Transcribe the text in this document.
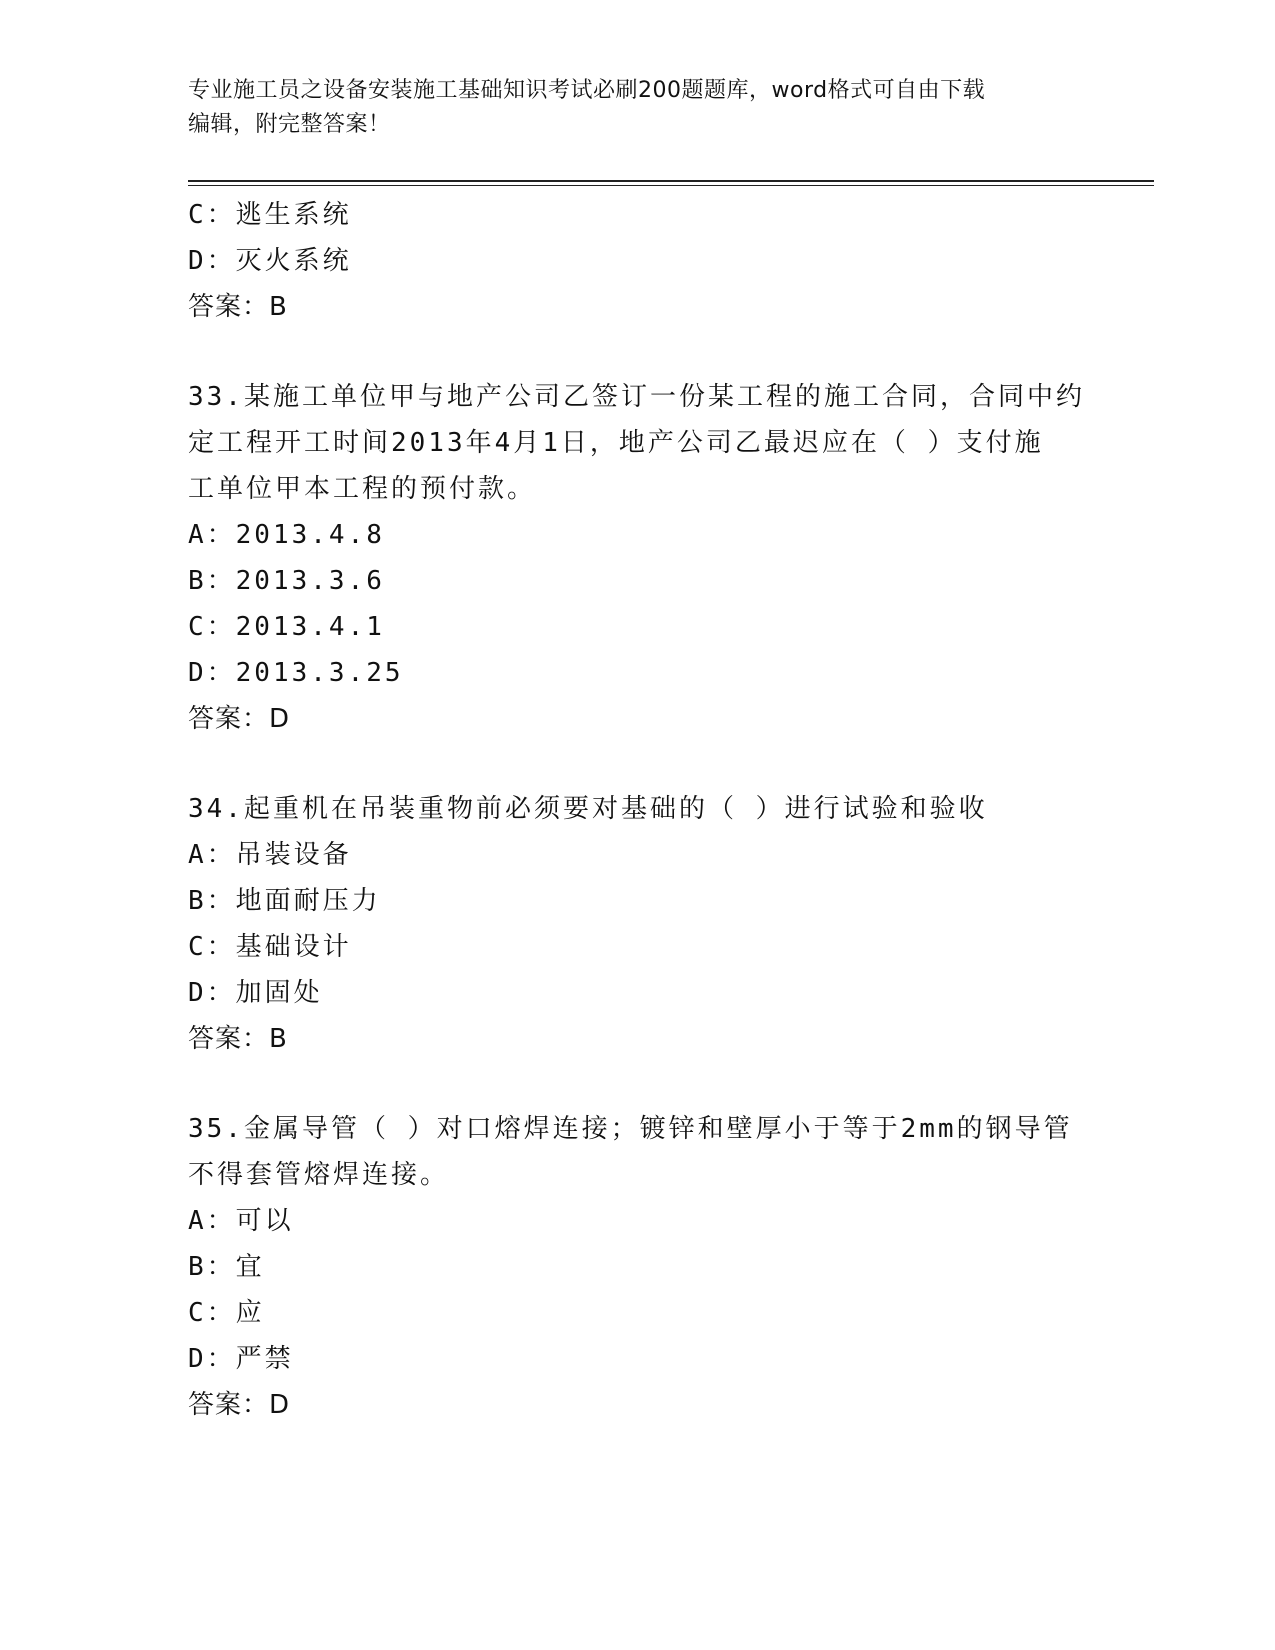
专业施工员之设备安装施工基础知识考试必刷200题题库，word格式可自由下载
编辑，附完整答案！
C：逃生系统
D：灭火系统
答案：B
33.某施工单位甲与地产公司乙签订一份某工程的施工合同，合同中约
定工程开工时间2013年4月1日，地产公司乙最迟应在（ ）支付施
工单位甲本工程的预付款。
A：2013.4.8
B：2013.3.6
C：2013.4.1
D：2013.3.25
答案：D
34.起重机在吊装重物前必须要对基础的（ ）进行试验和验收
A：吊装设备
B：地面耐压力
C：基础设计
D：加固处
答案：B
35.金属导管（ ）对口熔焊连接；镀锌和壁厚小于等于2mm的钢导管
不得套管熔焊连接。
A：可以
B：宜
C：应
D：严禁
答案：D
